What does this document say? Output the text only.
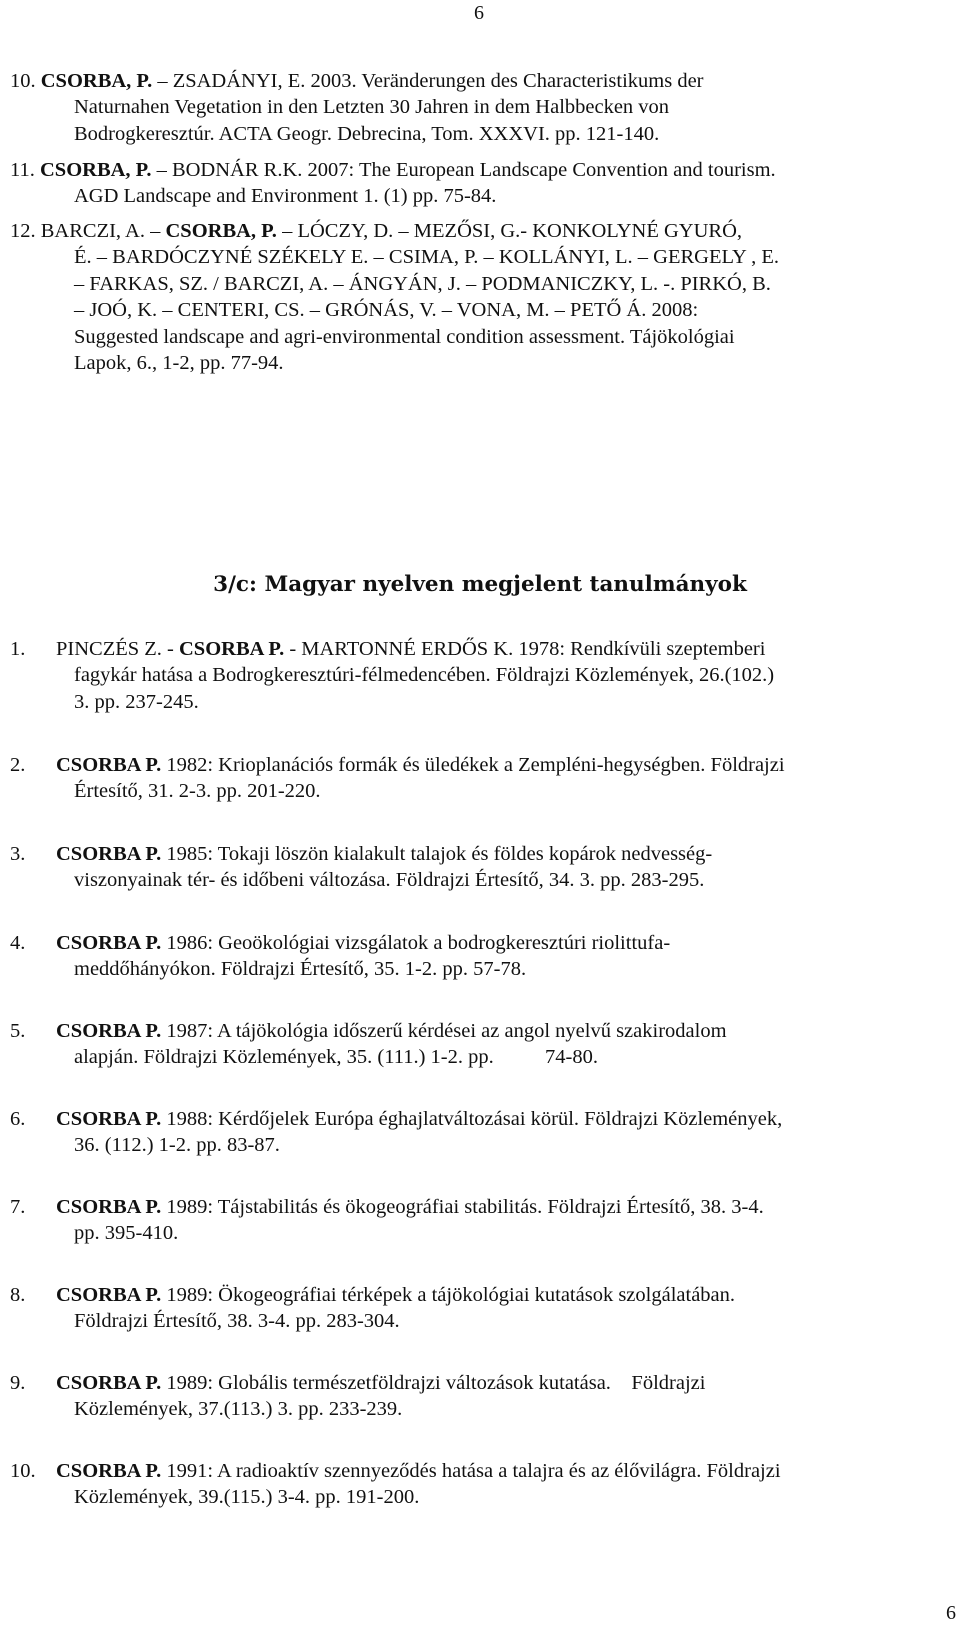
6
10. CSORBA, P. – ZSADÁNYI, E. 2003. Veränderungen des Characteristikums der
Naturnahen Vegetation in den Letzten 30 Jahren in dem Halbbecken von
Bodrogkeresztúr. ACTA Geogr. Debrecina, Tom. XXXVI. pp. 121-140.
11. CSORBA, P. – BODNÁR R.K. 2007: The European Landscape Convention and tourism.
AGD Landscape and Environment 1. (1) pp. 75-84.
12. BARCZI, A. – CSORBA, P. – LÓCZY, D. – MEZŐSI, G.- KONKOLYNÉ GYURÓ,
É. – BARDÓCZYNÉ SZÉKELY E. – CSIMA, P. – KOLLÁNYI, L. – GERGELY , E.
– FARKAS, SZ. / BARCZI, A. – ÁNGYÁN, J. – PODMANICZKY, L. -. PIRKÓ, B.
– JOÓ, K. – CENTERI, CS. – GRÓNÁS, V. – VONA, M. – PETŐ Á. 2008:
Suggested landscape and agri-environmental condition assessment. Tájökológiai
Lapok, 6., 1-2, pp. 77-94.
3/c: Magyar nyelven megjelent tanulmányok
1. PINCZÉS Z. - CSORBA P. - MARTONNÉ ERDŐS K. 1978: Rendkívüli szeptemberi
fagykár hatása a Bodrogkeresztúri-félmedencében. Földrajzi Közlemények, 26.(102.)
3. pp. 237-245.
2. CSORBA P. 1982: Krioplanációs formák és üledékek a Zempléni-hegységben. Földrajzi
Értesítő, 31. 2-3. pp. 201-220.
3. CSORBA P. 1985: Tokaji löszön kialakult talajok és földes kopárok nedvesség-
viszonyainak tér- és időbeni változása. Földrajzi Értesítő, 34. 3. pp. 283-295.
4. CSORBA P. 1986: Geoökológiai vizsgálatok a bodrogkeresztúri riolittufa-
meddőhányókon. Földrajzi Értesítő, 35. 1-2. pp. 57-78.
5. CSORBA P. 1987: A tájökológia időszerű kérdései az angol nyelvű szakirodalom
alapján. Földrajzi Közlemények, 35. (111.) 1-2. pp.          74-80.
6. CSORBA P. 1988: Kérdőjelek Európa éghajlatváltozásai körül. Földrajzi Közlemények,
36. (112.) 1-2. pp. 83-87.
7. CSORBA P. 1989: Tájstabilitás és ökogeográfiai stabilitás. Földrajzi Értesítő, 38. 3-4.
pp. 395-410.
8. CSORBA P. 1989: Ökogeográfiai térképek a tájökológiai kutatások szolgálatában.
Földrajzi Értesítő, 38. 3-4. pp. 283-304.
9. CSORBA P. 1989: Globális természetföldrajzi változások kutatása.    Földrajzi
Közlemények, 37.(113.) 3. pp. 233-239.
10. CSORBA P. 1991: A radioaktív szennyeződés hatása a talajra és az élővilágra. Földrajzi
Közlemények, 39.(115.) 3-4. pp. 191-200.
6
